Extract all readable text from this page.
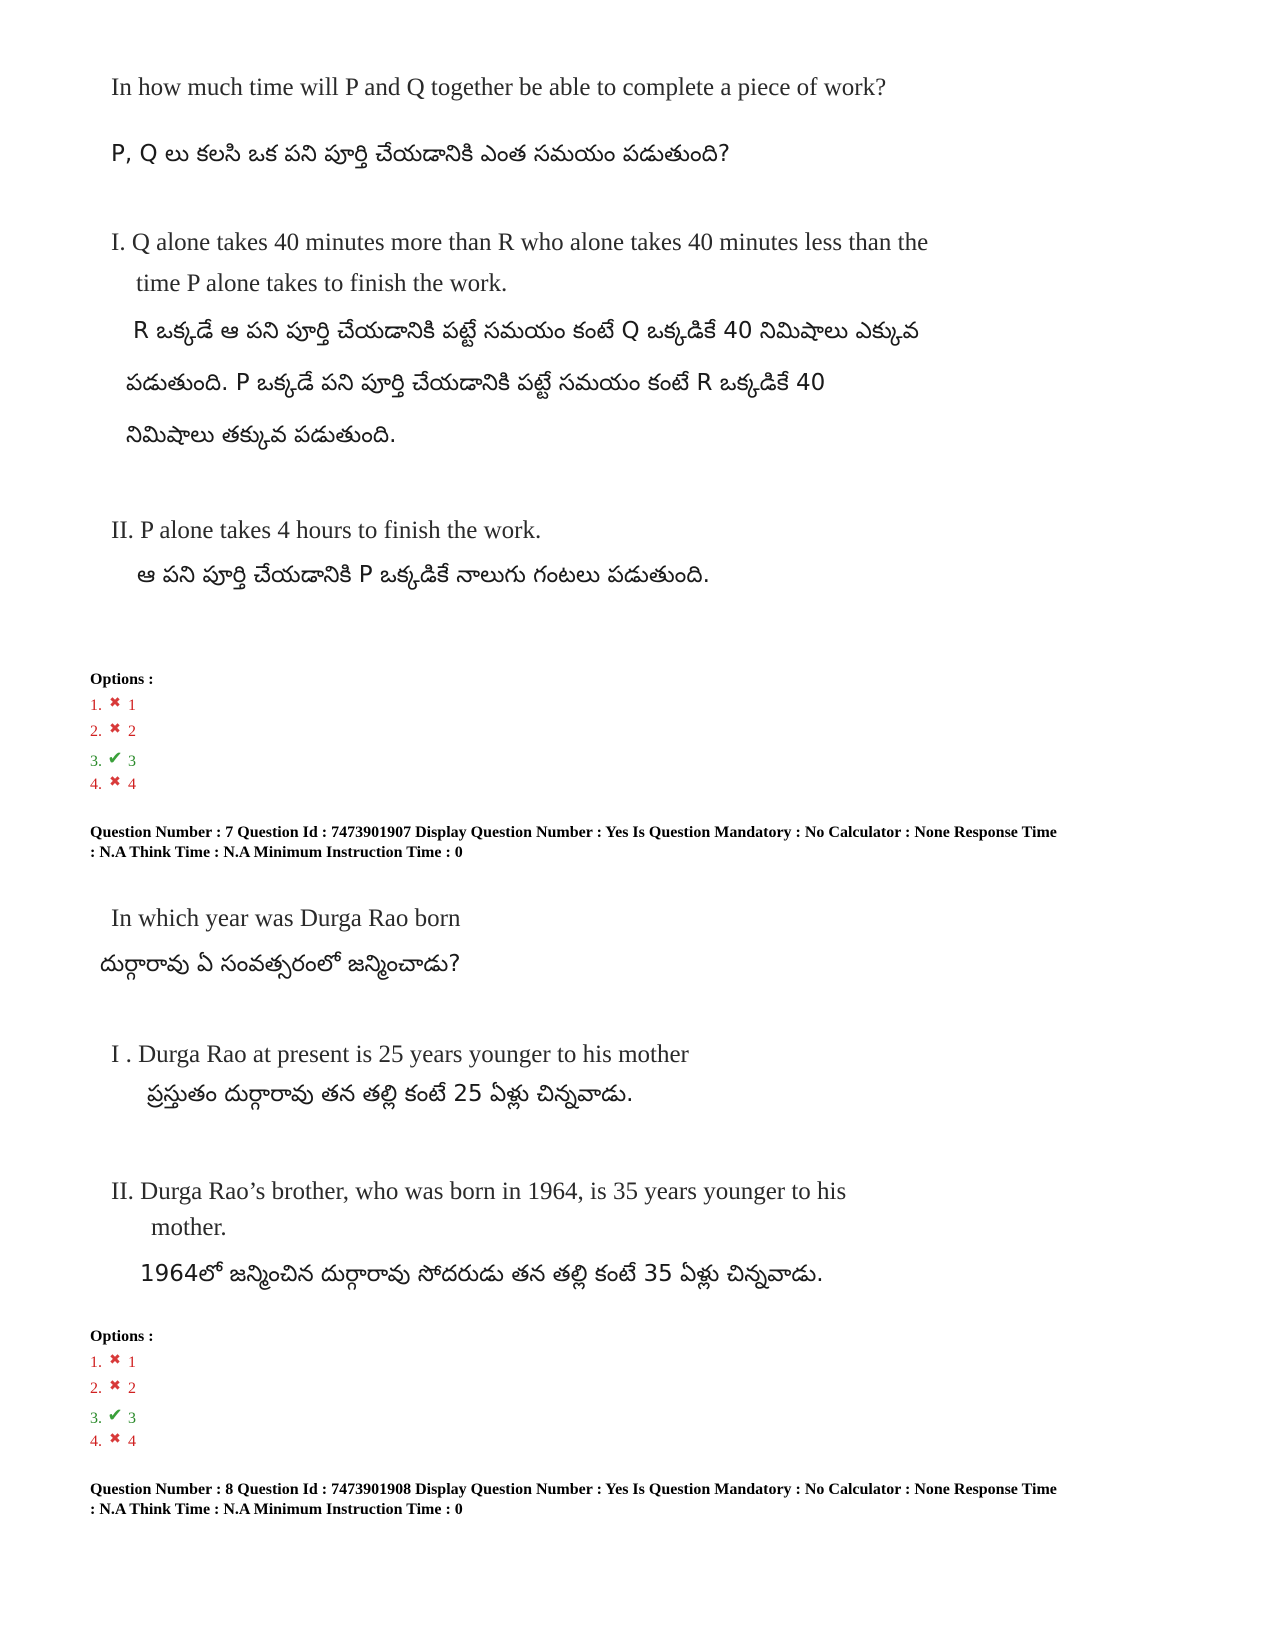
In how much time will P and Q together be able to complete a piece of work?
P, Q లు కలసి ఒక పని పూర్తి చేయడానికి ఎంత సమయం పడుతుంది?
I. Q alone takes 40 minutes more than R who alone takes 40 minutes less than the
time P alone takes to finish the work.
R ఒక్కడే ఆ పని పూర్తి చేయడానికి పట్టే సమయం కంటే Q ఒక్కడికే 40 నిమిషాలు ఎక్కువ
పడుతుంది. P ఒక్కడే పని పూర్తి చేయడానికి పట్టే సమయం కంటే R ఒక్కడికే 40
నిమిషాలు తక్కువ పడుతుంది.
II. P alone takes 4 hours to finish the work.
ఆ పని పూర్తి చేయడానికి P ఒక్కడికే నాలుగు గంటలు పడుతుంది.
Options :
1. ✖ 1
2. ✖ 2
3. ✔ 3
4. ✖ 4
Question Number : 7 Question Id : 7473901907 Display Question Number : Yes Is Question Mandatory : No Calculator : None Response Time
: N.A Think Time : N.A Minimum Instruction Time : 0
In which year was Durga Rao born
దుర్గారావు ఏ సంవత్సరంలో జన్మించాడు?
I . Durga Rao at present is 25 years younger to his mother
ప్రస్తుతం దుర్గారావు తన తల్లి కంటే 25 ఏళ్లు చిన్నవాడు.
II. Durga Rao’s brother, who was born in 1964, is 35 years younger to his
mother.
1964లో జన్మించిన దుర్గారావు సోదరుడు తన తల్లి కంటే 35 ఏళ్లు చిన్నవాడు.
Options :
1. ✖ 1
2. ✖ 2
3. ✔ 3
4. ✖ 4
Question Number : 8 Question Id : 7473901908 Display Question Number : Yes Is Question Mandatory : No Calculator : None Response Time
: N.A Think Time : N.A Minimum Instruction Time : 0
